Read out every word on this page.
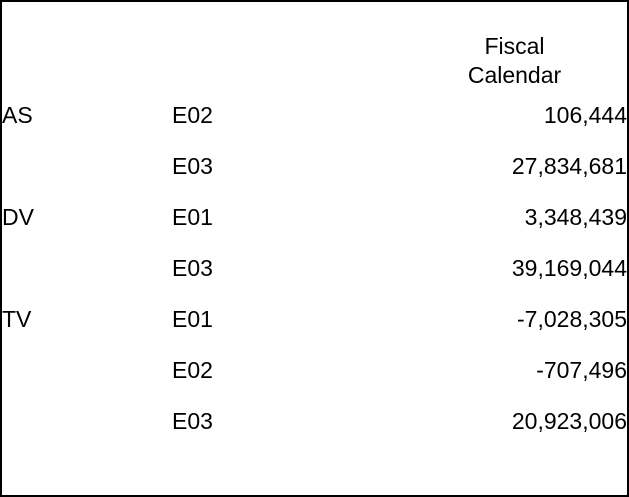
		Fiscal
Calendar

AS	E02	106,444
	E03	27,834,681
DV	E01	3,348,439
	E03	39,169,044
TV	E01	-7,028,305
	E02	-707,496
	E03	20,923,006
